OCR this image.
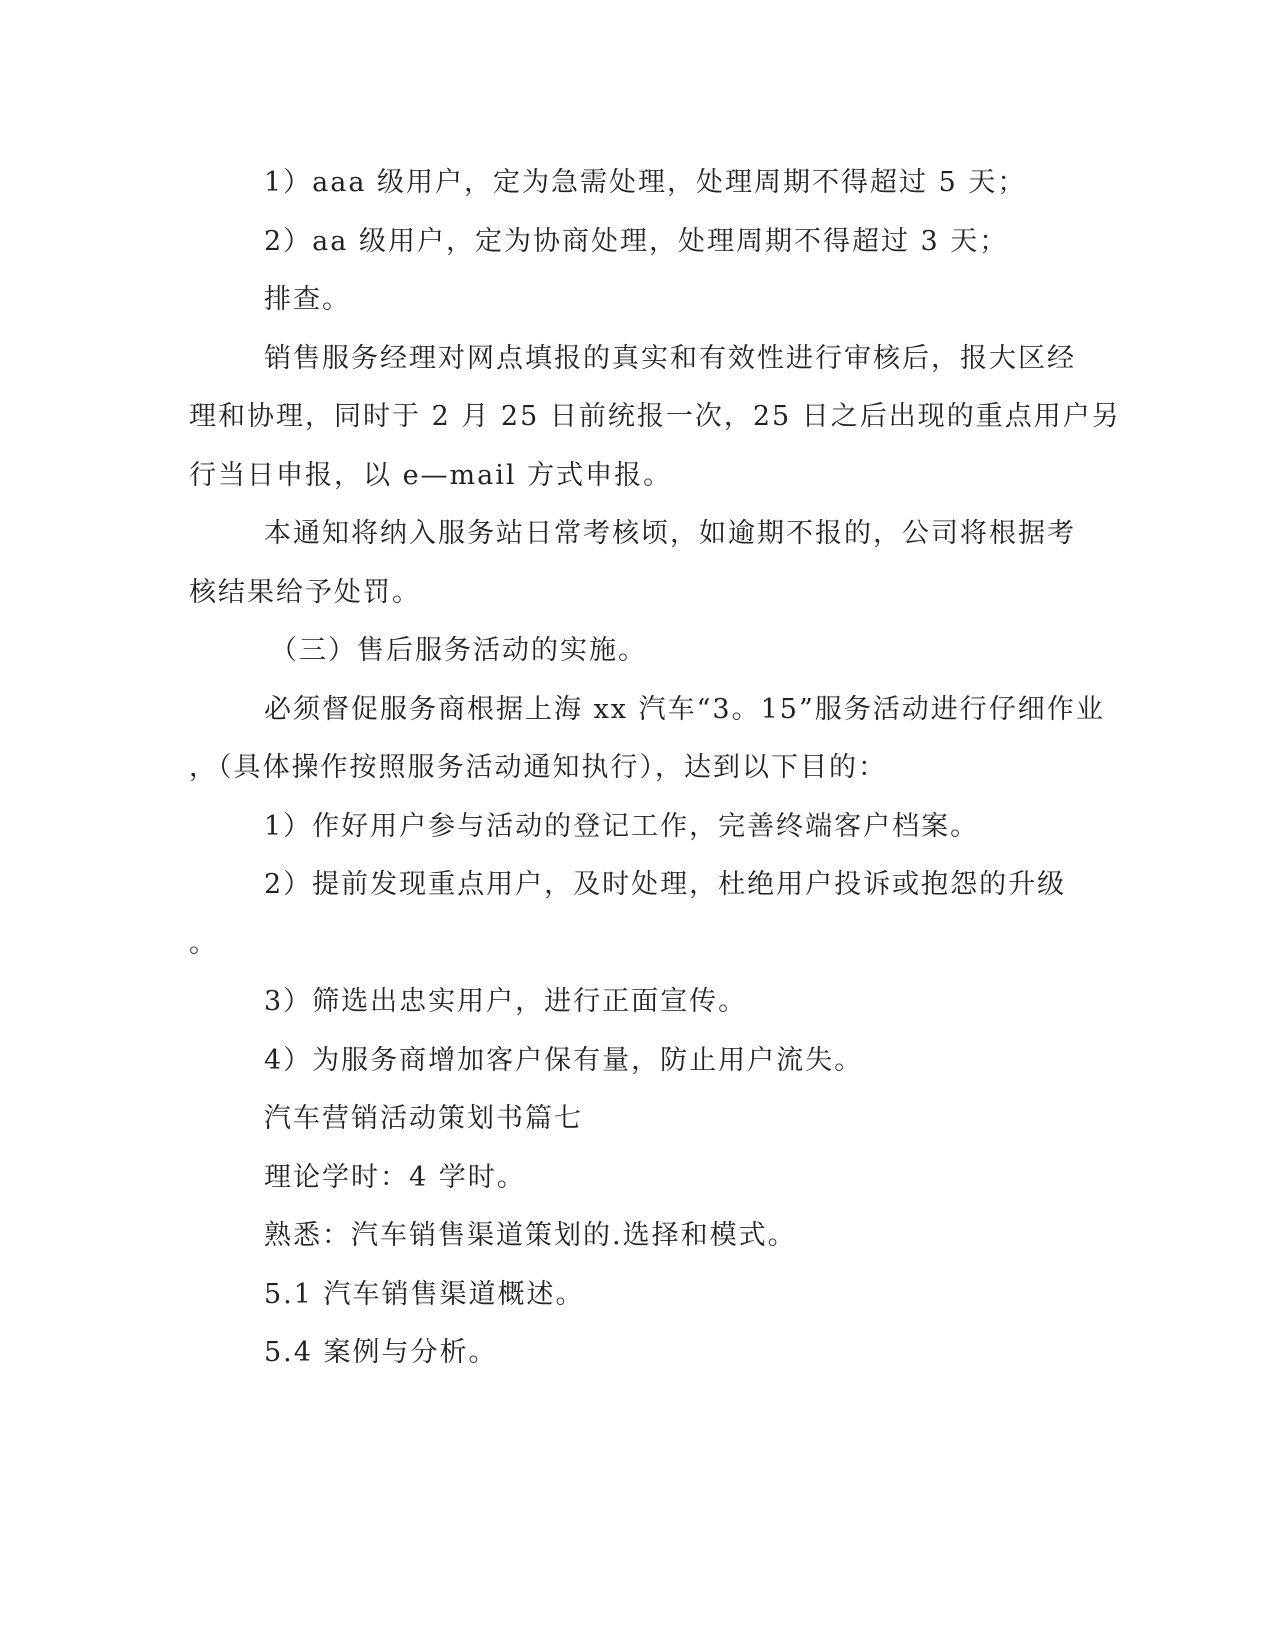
1）aaa 级用户，定为急需处理，处理周期不得超过 5 天；

2）aa 级用户，定为协商处理，处理周期不得超过 3 天；

排查。

销售服务经理对网点填报的真实和有效性进行审核后，报大区经

理和协理，同时于 2 月 25 日前统报一次，25 日之后出现的重点用户另

行当日申报，以 e—mail 方式申报。

本通知将纳入服务站日常考核顷，如逾期不报的，公司将根据考

核结果给予处罚。

（三）售后服务活动的实施。

必须督促服务商根据上海 xx 汽车“3。15”服务活动进行仔细作业

，（具体操作按照服务活动通知执行），达到以下目的：

1）作好用户参与活动的登记工作，完善终端客户档案。

2）提前发现重点用户，及时处理，杜绝用户投诉或抱怨的升级

。

3）筛选出忠实用户，进行正面宣传。

4）为服务商增加客户保有量，防止用户流失。

汽车营销活动策划书篇七

理论学时：4 学时。

熟悉：汽车销售渠道策划的.选择和模式。

5.1 汽车销售渠道概述。

5.4 案例与分析。
